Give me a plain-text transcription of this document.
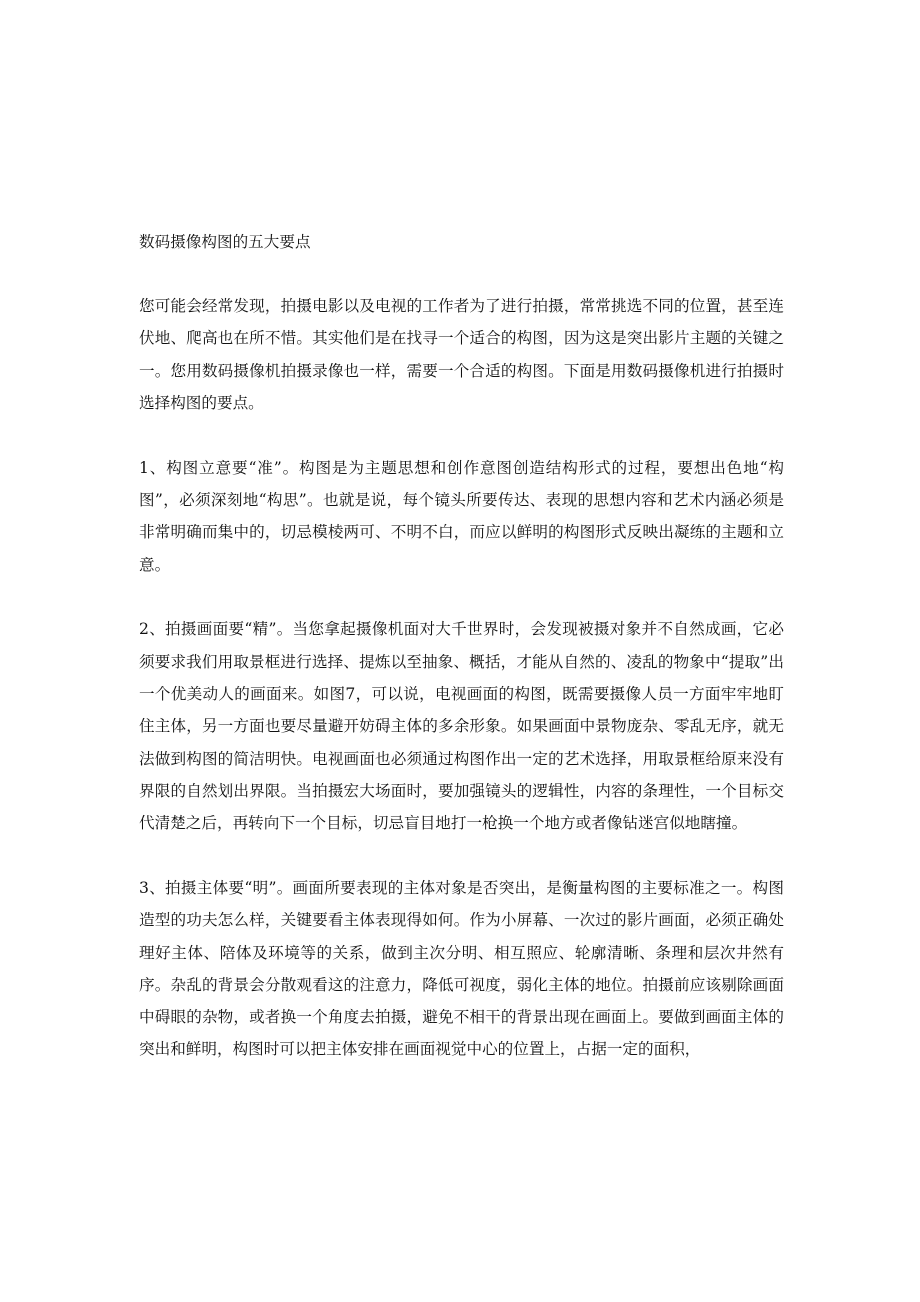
数码摄像构图的五大要点

您可能会经常发现，拍摄电影以及电视的工作者为了进行拍摄，常常挑选不同的位置，甚至连伏地、爬高也在所不惜。其实他们是在找寻一个适合的构图，因为这是突出影片主题的关键之一。您用数码摄像机拍摄录像也一样，需要一个合适的构图。下面是用数码摄像机进行拍摄时选择构图的要点。

1、构图立意要“准”。构图是为主题思想和创作意图创造结构形式的过程，要想出色地“构图”，必须深刻地“构思”。也就是说，每个镜头所要传达、表现的思想内容和艺术内涵必须是非常明确而集中的，切忌模棱两可、不明不白，而应以鲜明的构图形式反映出凝练的主题和立意。

2、拍摄画面要“精”。当您拿起摄像机面对大千世界时，会发现被摄对象并不自然成画，它必须要求我们用取景框进行选择、提炼以至抽象、概括，才能从自然的、凌乱的物象中“提取”出一个优美动人的画面来。如图7，可以说，电视画面的构图，既需要摄像人员一方面牢牢地盯住主体，另一方面也要尽量避开妨碍主体的多余形象。如果画面中景物庞杂、零乱无序，就无法做到构图的简洁明快。电视画面也必须通过构图作出一定的艺术选择，用取景框给原来没有界限的自然划出界限。当拍摄宏大场面时，要加强镜头的逻辑性，内容的条理性，一个目标交代清楚之后，再转向下一个目标，切忌盲目地打一枪换一个地方或者像钻迷宫似地瞎撞。

3、拍摄主体要“明”。画面所要表现的主体对象是否突出，是衡量构图的主要标准之一。构图造型的功夫怎么样，关键要看主体表现得如何。作为小屏幕、一次过的影片画面，必须正确处理好主体、陪体及环境等的关系，做到主次分明、相互照应、轮廓清晰、条理和层次井然有序。杂乱的背景会分散观看这的注意力，降低可视度，弱化主体的地位。拍摄前应该剔除画面中碍眼的杂物，或者换一个角度去拍摄，避免不相干的背景出现在画面上。要做到画面主体的突出和鲜明，构图时可以把主体安排在画面视觉中心的位置上，占据一定的面积，
